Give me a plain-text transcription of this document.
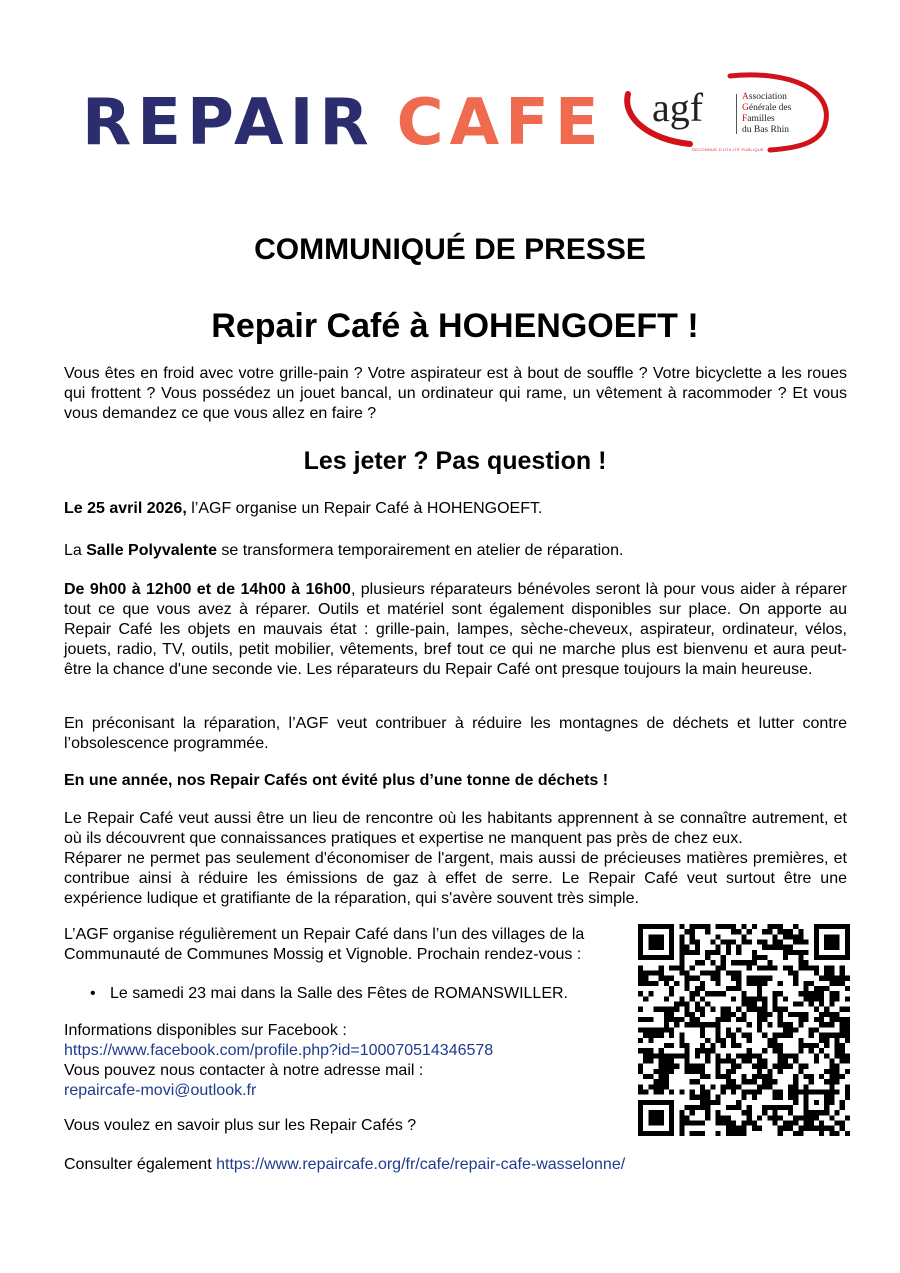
REPAIR CAFE agf	Association
Générale des
Familles
du Bas Rhin
RECONNUE D'UTILITÉ PUBLIQUE
COMMUNIQUÉ DE PRESSE
Repair Café à HOHENGOEFT !

Vous êtes en froid avec votre grille-pain ? Votre aspirateur est à bout de souffle ? Votre bicyclette a les roues qui frottent ? Vous possédez un jouet bancal, un ordinateur qui rame, un vêtement à racommoder ? Et vous vous demandez ce que vous allez en faire ?

Les jeter ? Pas question !

Le 25 avril 2026, l’AGF organise un Repair Café à HOHENGOEFT.

La Salle Polyvalente se transformera temporairement en atelier de réparation.

De 9h00 à 12h00 et de 14h00 à 16h00, plusieurs réparateurs bénévoles seront là pour vous aider à réparer tout ce que vous avez à réparer. Outils et matériel sont également disponibles sur place. On apporte au Repair Café les objets en mauvais état : grille-pain, lampes, sèche-cheveux, aspirateur, ordinateur, vélos, jouets, radio, TV, outils, petit mobilier, vêtements, bref tout ce qui ne marche plus est bienvenu et aura peut-être la chance d'une seconde vie. Les réparateurs du Repair Café ont presque toujours la main heureuse.

En préconisant la réparation, l’AGF veut contribuer à réduire les montagnes de déchets et lutter contre l’obsolescence programmée.

En une année, nos Repair Cafés ont évité plus d’une tonne de déchets !

Le Repair Café veut aussi être un lieu de rencontre où les habitants apprennent à se connaître autrement, et où ils découvrent que connaissances pratiques et expertise ne manquent pas près de chez eux.

Réparer ne permet pas seulement d'économiser de l'argent, mais aussi de précieuses matières premières, et contribue ainsi à réduire les émissions de gaz à effet de serre. Le Repair Café veut surtout être une expérience ludique et gratifiante de la réparation, qui s'avère souvent très simple.

L’AGF organise régulièrement un Repair Café dans l’un des villages de la
Communauté de Communes Mossig et Vignoble. Prochain rendez-vous :
• Le samedi 23 mai dans la Salle des Fêtes de ROMANSWILLER.
Informations disponibles sur Facebook :
https://www.facebook.com/profile.php?id=100070514346578
Vous pouvez nous contacter à notre adresse mail :
repaircafe-movi@outlook.fr
Vous voulez en savoir plus sur les Repair Cafés ?
Consulter également https://www.repaircafe.org/fr/cafe/repair-cafe-wasselonne/
